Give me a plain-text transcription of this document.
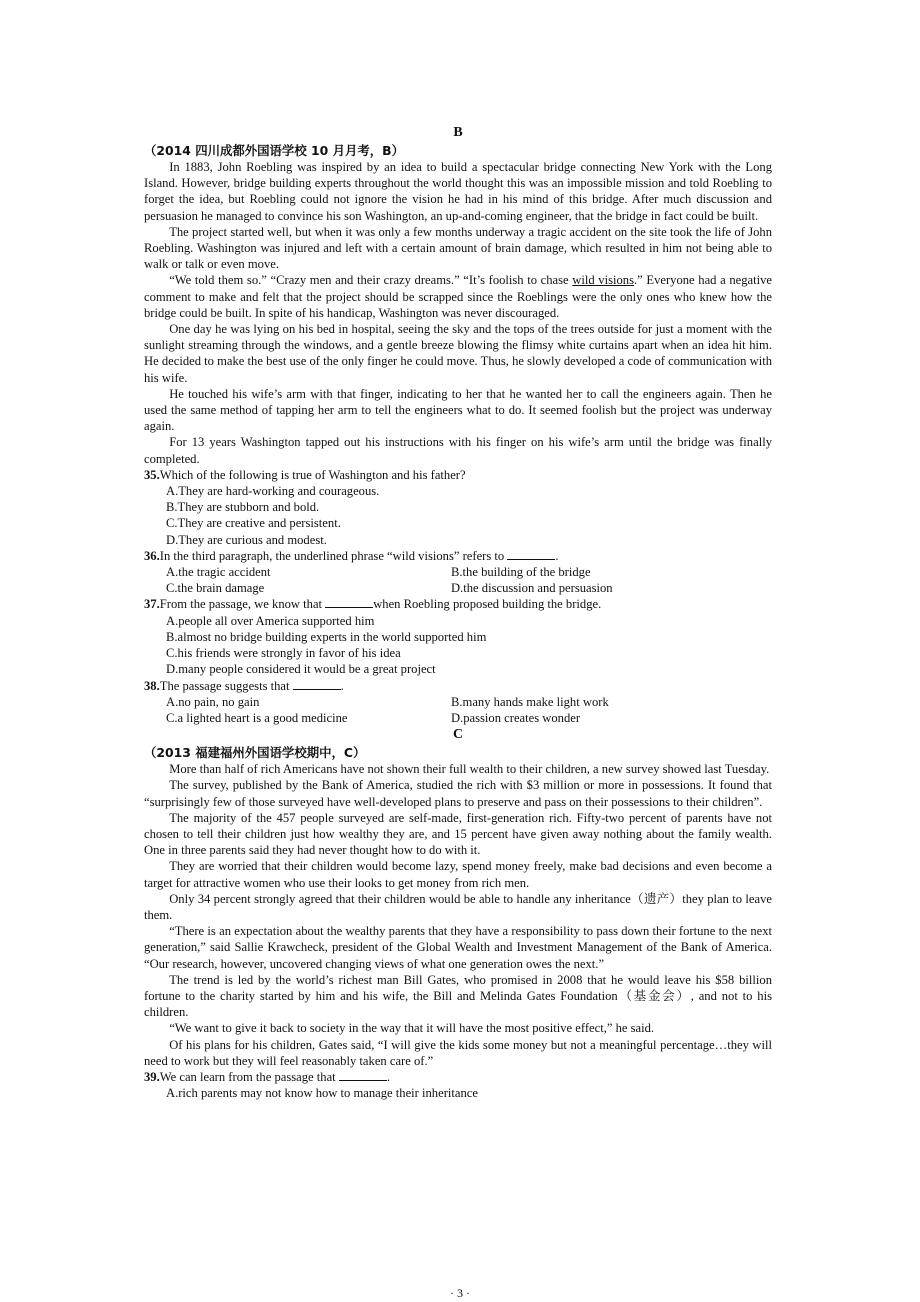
B
（2014 四川成都外国语学校 10 月月考，B）

In 1883, John Roebling was inspired by an idea to build a spectacular bridge connecting New York with the Long Island. However, bridge building experts throughout the world thought this was an impossible mission and told Roebling to forget the idea, but Roebling could not ignore the vision he had in his mind of this bridge. After much discussion and persuasion he managed to convince his son Washington, an up-and-coming engineer, that the bridge in fact could be built.

The project started well, but when it was only a few months underway a tragic accident on the site took the life of John Roebling. Washington was injured and left with a certain amount of brain damage, which resulted in him not being able to walk or talk or even move.

“We told them so.” “Crazy men and their crazy dreams.” “It’s foolish to chase wild visions.” Everyone had a negative comment to make and felt that the project should be scrapped since the Roeblings were the only ones who knew how the bridge could be built. In spite of his handicap, Washington was never discouraged.

One day he was lying on his bed in hospital, seeing the sky and the tops of the trees outside for just a moment with the sunlight streaming through the windows, and a gentle breeze blowing the flimsy white curtains apart when an idea hit him. He decided to make the best use of the only finger he could move. Thus, he slowly developed a code of communication with his wife.

He touched his wife’s arm with that finger, indicating to her that he wanted her to call the engineers again. Then he used the same method of tapping her arm to tell the engineers what to do. It seemed foolish but the project was underway again.

For 13 years Washington tapped out his instructions with his finger on his wife’s arm until the bridge was finally completed.

35.Which of the following is true of Washington and his father?
A.They are hard-working and courageous.
B.They are stubborn and bold.
C.They are creative and persistent.
D.They are curious and modest.
36.In the third paragraph, the underlined phrase “wild visions” refers to	.
A.the tragic accident	B.the building of the bridge
C.the brain damage	D.the discussion and persuasion
37.From the passage, we know that	when Roebling proposed building the bridge.
A.people all over America supported him
B.almost no bridge building experts in the world supported him
C.his friends were strongly in favor of his idea
D.many people considered it would be a great project
38.The passage suggests that	.
A.no pain, no gain	B.many hands make light work
C.a lighted heart is a good medicine	D.passion creates wonder
C
（2013 福建福州外国语学校期中，C）

More than half of rich Americans have not shown their full wealth to their children, a new survey showed last Tuesday.

The survey, published by the Bank of America, studied the rich with $3 million or more in possessions. It found that “surprisingly few of those surveyed have well-developed plans to preserve and pass on their possessions to their children”.

The majority of the 457 people surveyed are self-made, first-generation rich. Fifty-two percent of parents have not chosen to tell their children just how wealthy they are, and 15 percent have given away nothing about the family wealth. One in three parents said they had never thought how to do with it.

They are worried that their children would become lazy, spend money freely, make bad decisions and even become a target for attractive women who use their looks to get money from rich men.

Only 34 percent strongly agreed that their children would be able to handle any inheritance（遗产）they plan to leave them.

“There is an expectation about the wealthy parents that they have a responsibility to pass down their fortune to the next generation,” said Sallie Krawcheck, president of the Global Wealth and Investment Management of the Bank of America. “Our research, however, uncovered changing views of what one generation owes the next.”

The trend is led by the world’s richest man Bill Gates, who promised in 2008 that he would leave his $58 billion fortune to the charity started by him and his wife, the Bill and Melinda Gates Foundation（基金会）, and not to his children.

“We want to give it back to society in the way that it will have the most positive effect,” he said.

Of his plans for his children, Gates said, “I will give the kids some money but not a meaningful percentage…they will need to work but they will feel reasonably taken care of.”

39.We can learn from the passage that	.
A.rich parents may not know how to manage their inheritance
· 3 ·
